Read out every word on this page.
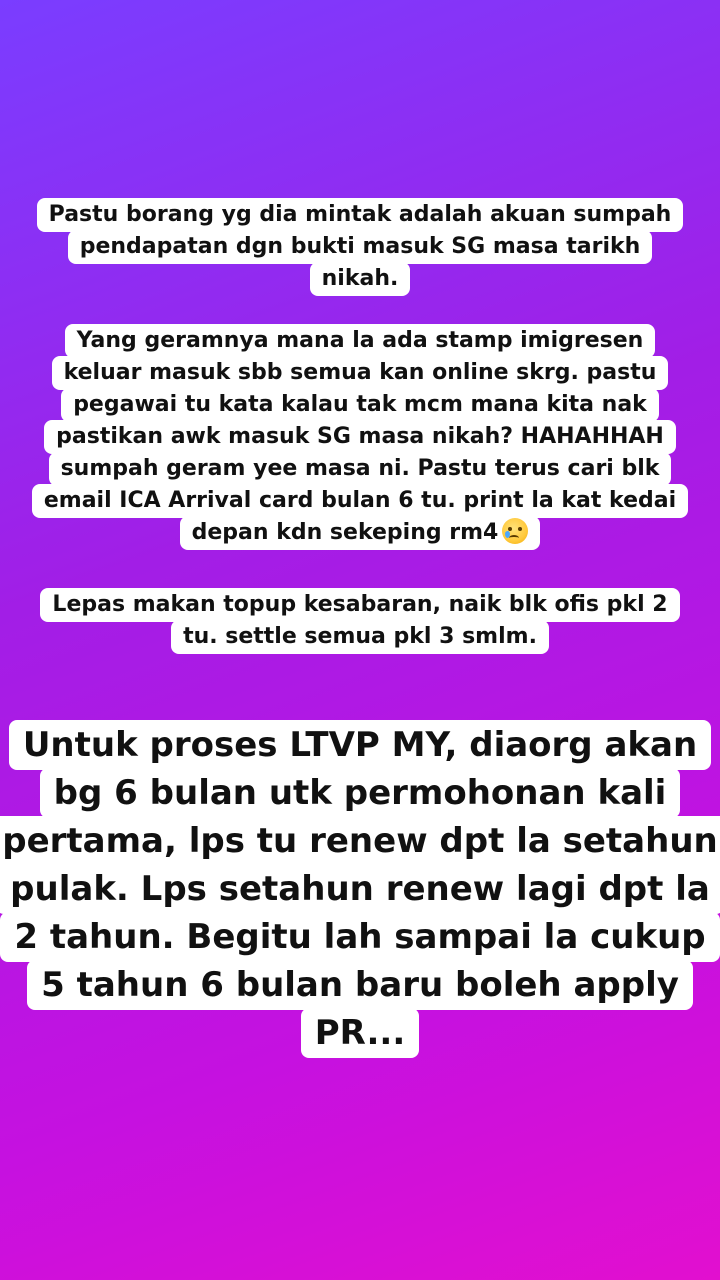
Pastu borang yg dia mintak adalah akuan sumpah
pendapatan dgn bukti masuk SG masa tarikh
nikah.
Yang geramnya mana la ada stamp imigresen
keluar masuk sbb semua kan online skrg. pastu
pegawai tu kata kalau tak mcm mana kita nak
pastikan awk masuk SG masa nikah? HAHAHHAH
sumpah geram yee masa ni. Pastu terus cari blk
email ICA Arrival card bulan 6 tu. print la kat kedai
depan kdn sekeping rm4
Lepas makan topup kesabaran, naik blk ofis pkl 2
tu. settle semua pkl 3 smlm.
Untuk proses LTVP MY, diaorg akan
bg 6 bulan utk permohonan kali
pertama, lps tu renew dpt la setahun
pulak. Lps setahun renew lagi dpt la
2 tahun. Begitu lah sampai la cukup
5 tahun 6 bulan baru boleh apply
PR...
